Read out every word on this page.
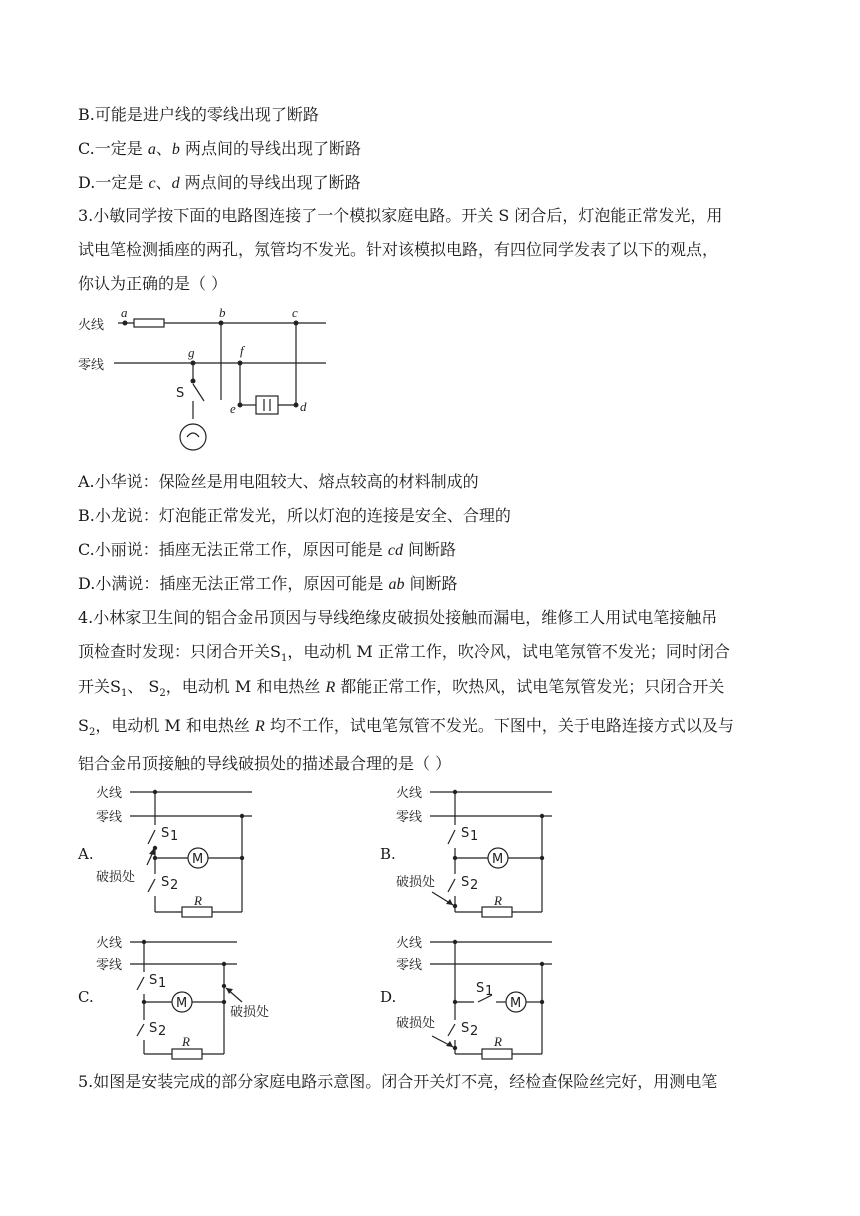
B.可能是进户线的零线出现了断路
C.一定是 a、b 两点间的导线出现了断路
D.一定是 c、d 两点间的导线出现了断路
3.小敏同学按下面的电路图连接了一个模拟家庭电路。开关 S 闭合后，灯泡能正常发光，用
试电笔检测插座的两孔，氖管均不发光。针对该模拟电路，有四位同学发表了以下的观点，
你认为正确的是（ ）
火线
零线
a	b	c
g	f
e	d
S
A.小华说：保险丝是用电阻较大、熔点较高的材料制成的
B.小龙说：灯泡能正常发光，所以灯泡的连接是安全、合理的
C.小丽说：插座无法正常工作，原因可能是 cd 间断路
D.小满说：插座无法正常工作，原因可能是 ab 间断路
4.小林家卫生间的铝合金吊顶因与导线绝缘皮破损处接触而漏电，维修工人用试电笔接触吊
顶检查时发现：只闭合开关$S_1$，电动机 M 正常工作，吹冷风，试电笔氖管不发光；同时闭合
开关$S_1$、 $S_2$，电动机 M 和电热丝 R 都能正常工作，吹热风，试电笔氖管发光；只闭合开关
$S_2$，电动机 M 和电热丝 R 均不工作，试电笔氖管不发光。下图中，关于电路连接方式以及与
铝合金吊顶接触的导线破损处的描述最合理的是（ ）
A.
火线
零线
S 1
S 2
M
R
破损处
B.
火线
零线
S 1
S 2
M
R
破损处
C.
火线
零线
S 1
S 2
M
R
破损处
D.
火线
零线
S 1
S 2
M
R
破损处
5.如图是安装完成的部分家庭电路示意图。闭合开关灯不亮，经检查保险丝完好，用测电笔
